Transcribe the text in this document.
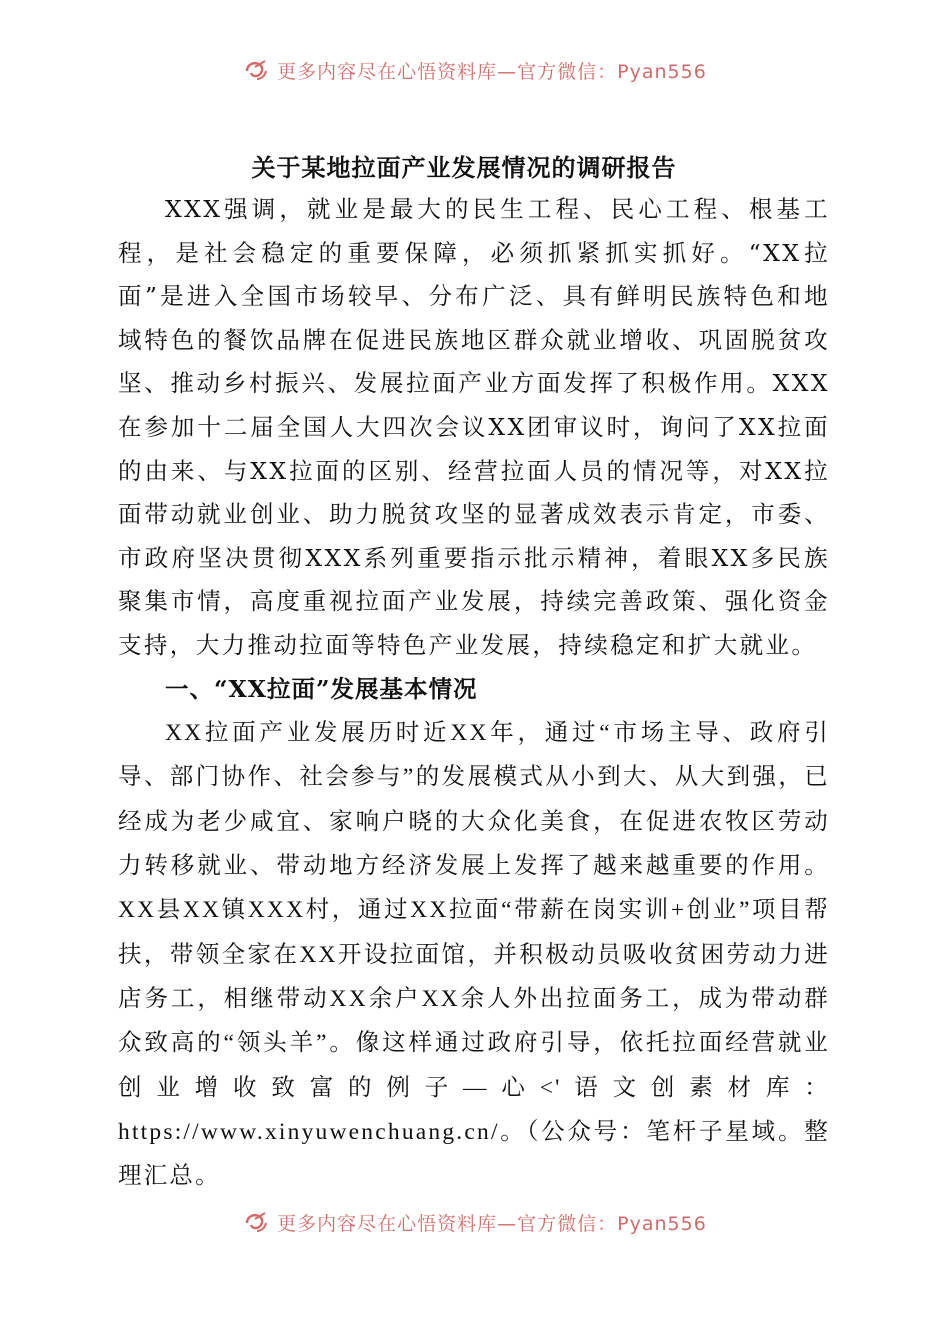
更多内容尽在心悟资料库—官方微信：Pyan556
关于某地拉面产业发展情况的调研报告

XXX强调，就业是最大的民生工程、民心工程、根基工程，是社会稳定的重要保障，必须抓紧抓实抓好。“XX拉面”是进入全国市场较早、分布广泛、具有鲜明民族特色和地域特色的餐饮品牌在促进民族地区群众就业增收、巩固脱贫攻坚、推动乡村振兴、发展拉面产业方面发挥了积极作用。XXX在参加十二届全国人大四次会议XX团审议时，询问了XX拉面的由来、与XX拉面的区别、经营拉面人员的情况等，对XX拉面带动就业创业、助力脱贫攻坚的显著成效表示肯定，市委、市政府坚决贯彻XXX系列重要指示批示精神，着眼XX多民族聚集市情，高度重视拉面产业发展，持续完善政策、强化资金支持，大力推动拉面等特色产业发展，持续稳定和扩大就业。

一、“XX拉面”发展基本情况

XX拉面产业发展历时近XX年，通过“市场主导、政府引导、部门协作、社会参与”的发展模式从小到大、从大到强，已经成为老少咸宜、家响户晓的大众化美食，在促进农牧区劳动力转移就业、带动地方经济发展上发挥了越来越重要的作用。XX县XX镇XXX村，通过XX拉面“带薪在岗实训+创业”项目帮扶，带领全家在XX开设拉面馆，并积极动员吸收贫困劳动力进店务工，相继带动XX余户XX余人外出拉面务工，成为带动群众致高的“领头羊”。像这样通过政府引导，依托拉面经营就业创业增收致富的例子—心<'语文创素材库：https://www.xinyuwenchuang.cn/。（公众号：笔杆子星域。整理汇总。

更多内容尽在心悟资料库—官方微信：Pyan556
